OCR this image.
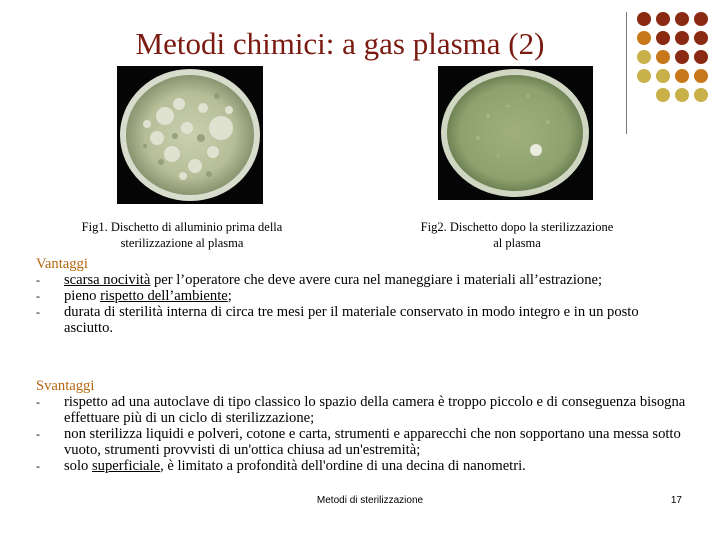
Metodi chimici: a gas plasma (2)
Fig1. Dischetto di alluminio prima della
sterilizzazione al plasma
Fig2. Dischetto dopo la sterilizzazione
al plasma
Vantaggi
- scarsa nocività per l’operatore che deve avere cura nel maneggiare i materiali all’estrazione;
- pieno rispetto dell’ambiente;
- durata di sterilità interna di circa tre mesi per il materiale conservato in modo integro e in un posto asciutto.
Svantaggi
- rispetto ad una autoclave di tipo classico lo spazio della camera è troppo piccolo e di conseguenza bisogna effettuare più di un ciclo di sterilizzazione;
- non sterilizza liquidi e polveri, cotone e carta, strumenti e apparecchi che non sopportano una messa sotto vuoto, strumenti provvisti di un'ottica chiusa ad un'estremità;
- solo superficiale, è limitato a profondità dell'ordine di una decina di nanometri.
Metodi di sterilizzazione	17
